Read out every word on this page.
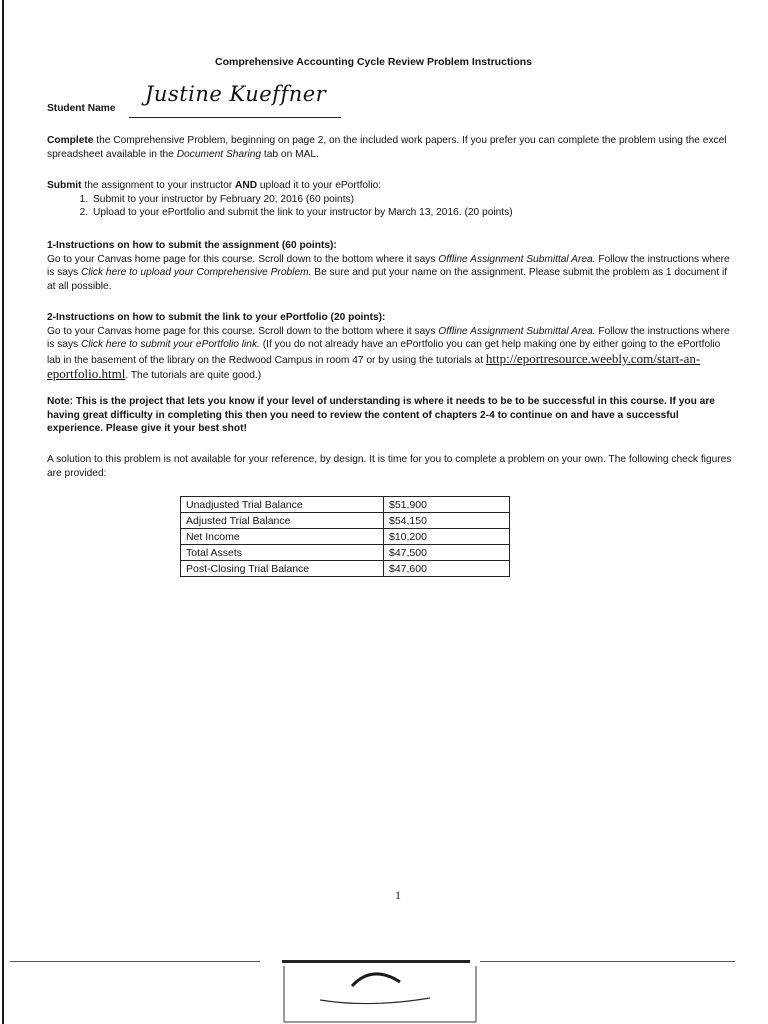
Comprehensive Accounting Cycle Review Problem Instructions
Student Name
Justine Kueffner

Complete the Comprehensive Problem, beginning on page 2, on the included work papers. If you prefer you can complete the problem using the excel spreadsheet available in the Document Sharing tab on MAL.

Submit the assignment to your instructor AND upload it to your ePortfolio:

1. Submit to your instructor by February 20, 2016 (60 points)
2. Upload to your ePortfolio and submit the link to your instructor by March 13, 2016. (20 points)

1-Instructions on how to submit the assignment (60 points):

Go to your Canvas home page for this course. Scroll down to the bottom where it says Offline Assignment Submittal Area. Follow the instructions where is says Click here to upload your Comprehensive Problem. Be sure and put your name on the assignment. Please submit the problem as 1 document if at all possible.

2-Instructions on how to submit the link to your ePortfolio (20 points):

Go to your Canvas home page for this course. Scroll down to the bottom where it says Offline Assignment Submittal Area. Follow the instructions where is says Click here to submit your ePortfolio link. (If you do not already have an ePortfolio you can get help making one by either going to the ePortfolio lab in the basement of the library on the Redwood Campus in room 47 or by using the tutorials at http://eportresource.weebly.com/start-an-eportfolio.html. The tutorials are quite good.)

Note: This is the project that lets you know if your level of understanding is where it needs to be to be successful in this course. If you are having great difficulty in completing this then you need to review the content of chapters 2-4 to continue on and have a successful experience. Please give it your best shot!
A solution to this problem is not available for your reference, by design. It is time for you to complete a problem on your own. The following check figures are provided:
Unadjusted Trial Balance	$51,900
Adjusted Trial Balance	$54,150
Net Income	$10,200
Total Assets	$47,500
Post-Closing Trial Balance	$47,600
1
